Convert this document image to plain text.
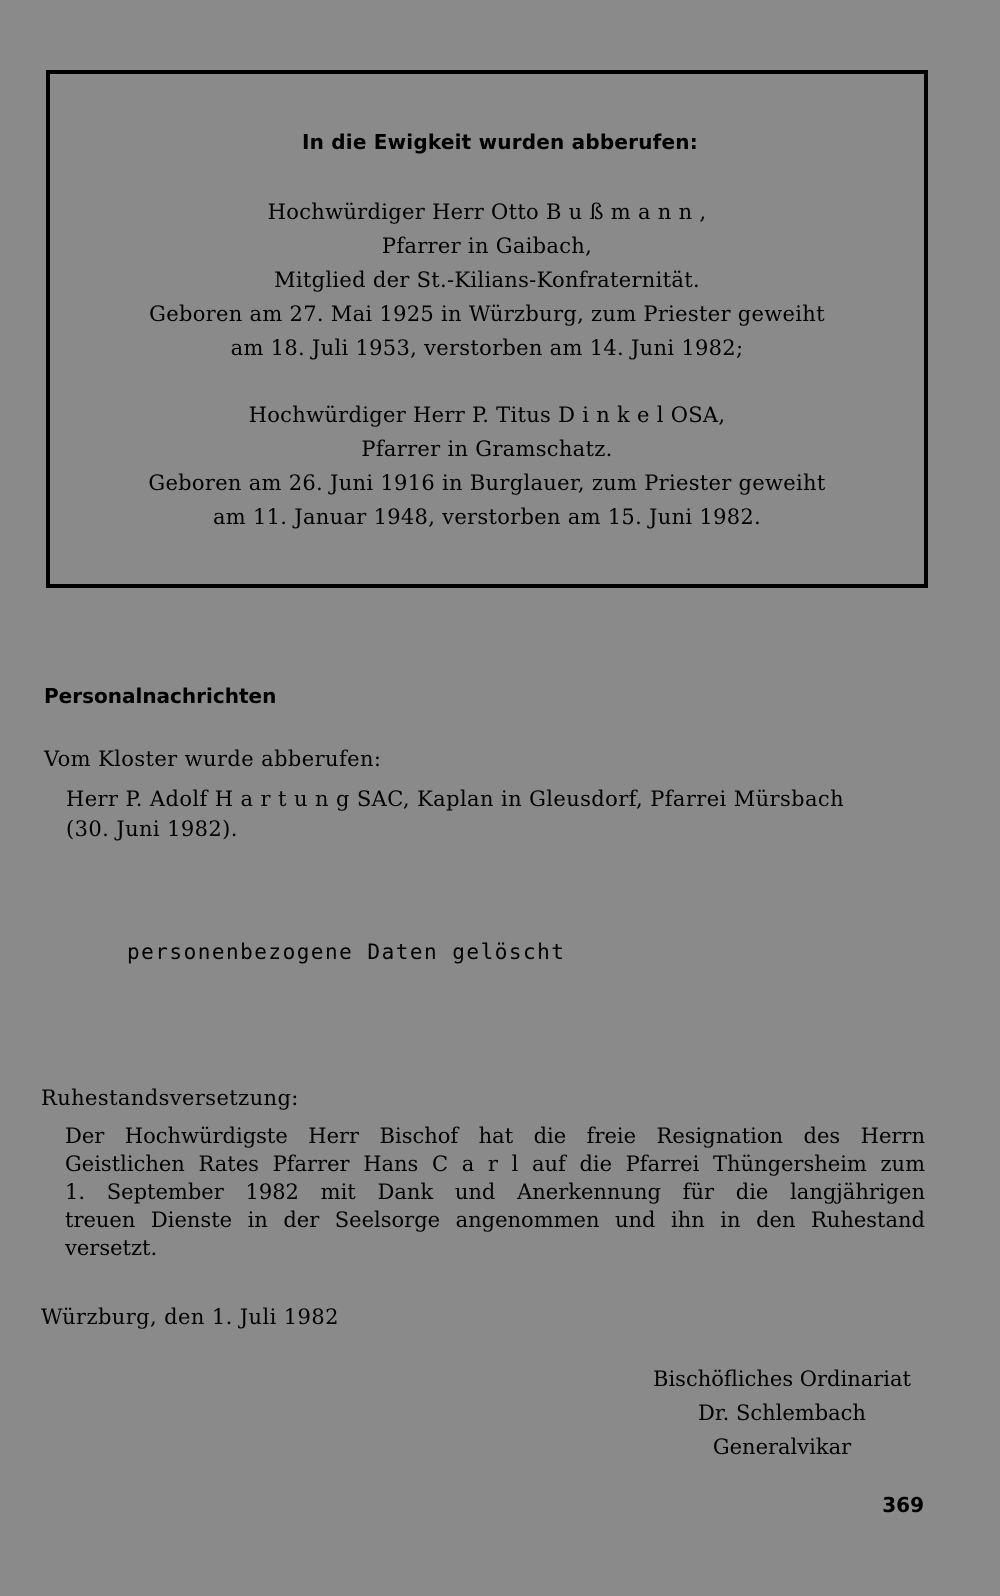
In die Ewigkeit wurden abberufen:
Hochwürdiger Herr Otto B u ß m a n n ,
Pfarrer in Gaibach,
Mitglied der St.-Kilians-Konfraternität.
Geboren am 27. Mai 1925 in Würzburg, zum Priester geweiht
am 18. Juli 1953, verstorben am 14. Juni 1982;
Hochwürdiger Herr P. Titus D i n k e l OSA,
Pfarrer in Gramschatz.
Geboren am 26. Juni 1916 in Burglauer, zum Priester geweiht
am 11. Januar 1948, verstorben am 15. Juni 1982.
Personalnachrichten
Vom Kloster wurde abberufen:
Herr P. Adolf H a r t u n g SAC, Kaplan in Gleusdorf, Pfarrei Mürsbach
(30. Juni 1982).
personenbezogene Daten gelöscht
Ruhestandsversetzung:
Der Hochwürdigste Herr Bischof hat die freie Resignation des Herrn
Geistlichen Rates Pfarrer Hans C a r l auf die Pfarrei Thüngersheim zum
1. September 1982 mit Dank und Anerkennung für die langjährigen
treuen Dienste in der Seelsorge angenommen und ihn in den Ruhestand
versetzt.
Würzburg, den 1. Juli 1982
Bischöfliches Ordinariat
Dr. Schlembach
Generalvikar
369
